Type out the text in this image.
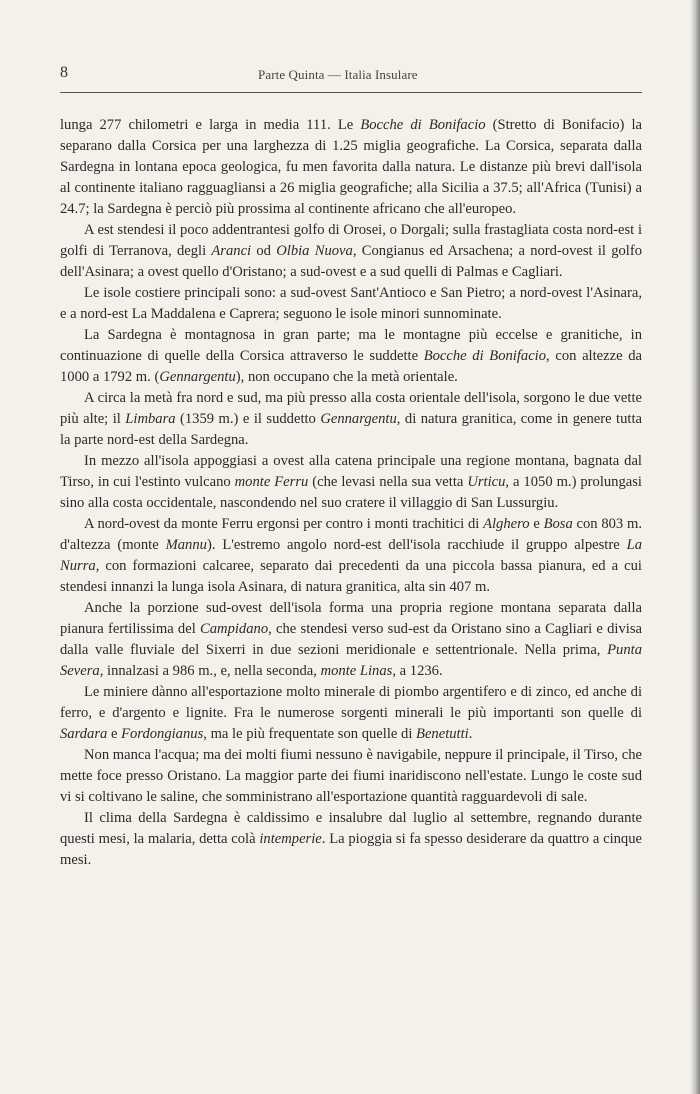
8	Parte Quinta — Italia Insulare

lunga 277 chilometri e larga in media 111. Le Bocche di Bonifacio (Stretto di Bonifacio) la separano dalla Corsica per una larghezza di 1.25 miglia geografiche. La Corsica, separata dalla Sardegna in lontana epoca geologica, fu men favorita dalla natura. Le distanze più brevi dall'isola al continente italiano ragguagliansi a 26 miglia geografiche; alla Sicilia a 37.5; all'Africa (Tunisi) a 24.7; la Sardegna è perciò più prossima al continente africano che all'europeo.

A est stendesi il poco addentrantesi golfo di Orosei, o Dorgali; sulla frastagliata costa nord-est i golfi di Terranova, degli Aranci od Olbia Nuova, Congianus ed Arsachena; a nord-ovest il golfo dell'Asinara; a ovest quello d'Oristano; a sud-ovest e a sud quelli di Palmas e Cagliari.

Le isole costiere principali sono: a sud-ovest Sant'Antioco e San Pietro; a nord-ovest l'Asinara, e a nord-est La Maddalena e Caprera; seguono le isole minori sunnominate.

La Sardegna è montagnosa in gran parte; ma le montagne più eccelse e granitiche, in continuazione di quelle della Corsica attraverso le suddette Bocche di Bonifacio, con altezze da 1000 a 1792 m. (Gennargentu), non occupano che la metà orientale.

A circa la metà fra nord e sud, ma più presso alla costa orientale dell'isola, sorgono le due vette più alte; il Limbara (1359 m.) e il suddetto Gennargentu, di natura granitica, come in genere tutta la parte nord-est della Sardegna.

In mezzo all'isola appoggiasi a ovest alla catena principale una regione montana, bagnata dal Tirso, in cui l'estinto vulcano monte Ferru (che levasi nella sua vetta Urticu, a 1050 m.) prolungasi sino alla costa occidentale, nascondendo nel suo cratere il villaggio di San Lussurgiu.

A nord-ovest da monte Ferru ergonsi per contro i monti trachitici di Alghero e Bosa con 803 m. d'altezza (monte Mannu). L'estremo angolo nord-est dell'isola racchiude il gruppo alpestre La Nurra, con formazioni calcaree, separato dai precedenti da una piccola bassa pianura, ed a cui stendesi innanzi la lunga isola Asinara, di natura granitica, alta sin 407 m.

Anche la porzione sud-ovest dell'isola forma una propria regione montana separata dalla pianura fertilissima del Campidano, che stendesi verso sud-est da Oristano sino a Cagliari e divisa dalla valle fluviale del Sixerri in due sezioni meridionale e settentrionale. Nella prima, Punta Severa, innalzasi a 986 m., e, nella seconda, monte Linas, a 1236.

Le miniere dànno all'esportazione molto minerale di piombo argentifero e di zinco, ed anche di ferro, e d'argento e lignite. Fra le numerose sorgenti minerali le più importanti son quelle di Sardara e Fordongianus, ma le più frequentate son quelle di Benetutti.

Non manca l'acqua; ma dei molti fiumi nessuno è navigabile, neppure il principale, il Tirso, che mette foce presso Oristano. La maggior parte dei fiumi inaridiscono nell'estate. Lungo le coste sud vi si coltivano le saline, che somministrano all'esportazione quantità ragguardevoli di sale.

Il clima della Sardegna è caldissimo e insalubre dal luglio al settembre, regnando durante questi mesi, la malaria, detta colà intemperie. La pioggia si fa spesso desiderare da quattro a cinque mesi.
